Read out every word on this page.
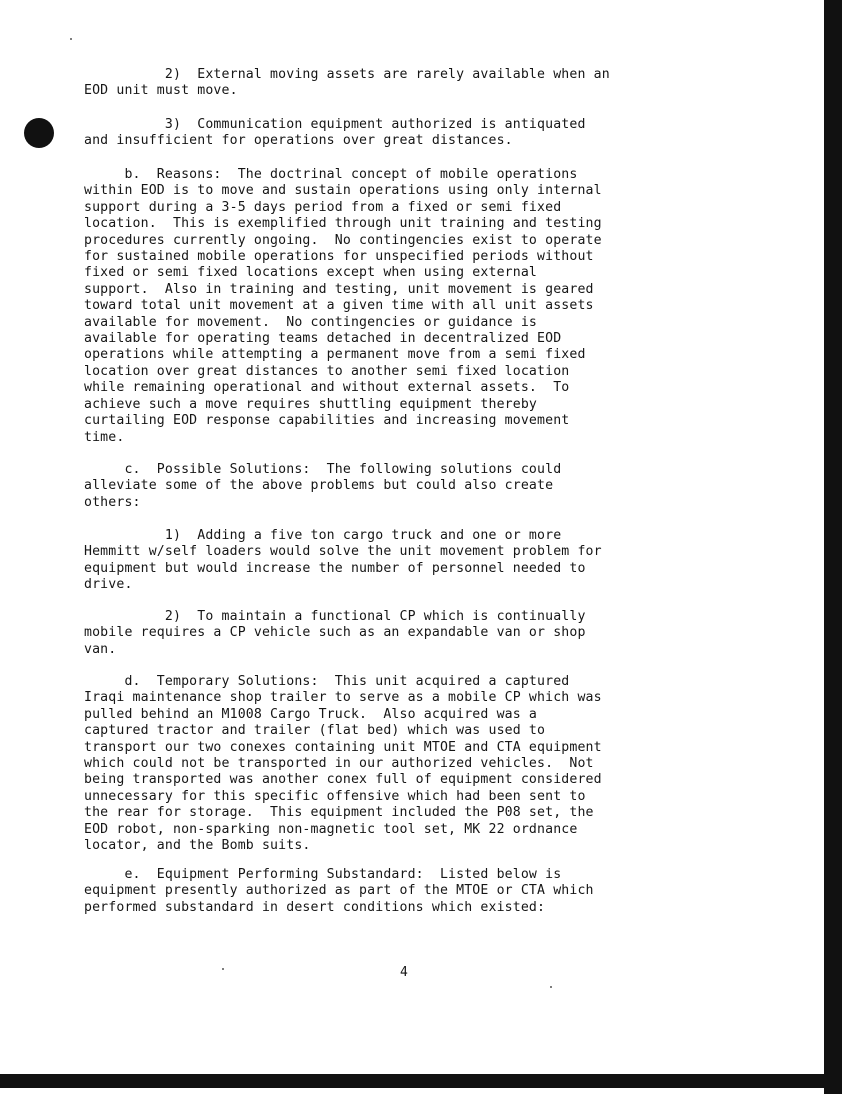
2)  External moving assets are rarely available when an
EOD unit must move.

3)  Communication equipment authorized is antiquated
and insufficient for operations over great distances.

b.  Reasons:  The doctrinal concept of mobile operations
within EOD is to move and sustain operations using only internal
support during a 3-5 days period from a fixed or semi fixed
location.  This is exemplified through unit training and testing
procedures currently ongoing.  No contingencies exist to operate
for sustained mobile operations for unspecified periods without
fixed or semi fixed locations except when using external
support.  Also in training and testing, unit movement is geared
toward total unit movement at a given time with all unit assets
available for movement.  No contingencies or guidance is
available for operating teams detached in decentralized EOD
operations while attempting a permanent move from a semi fixed
location over great distances to another semi fixed location
while remaining operational and without external assets.  To
achieve such a move requires shuttling equipment thereby
curtailing EOD response capabilities and increasing movement
time.

c.  Possible Solutions:  The following solutions could
alleviate some of the above problems but could also create
others:

1)  Adding a five ton cargo truck and one or more
Hemmitt w/self loaders would solve the unit movement problem for
equipment but would increase the number of personnel needed to
drive.

2)  To maintain a functional CP which is continually
mobile requires a CP vehicle such as an expandable van or shop
van.

d.  Temporary Solutions:  This unit acquired a captured
Iraqi maintenance shop trailer to serve as a mobile CP which was
pulled behind an M1008 Cargo Truck.  Also acquired was a
captured tractor and trailer (flat bed) which was used to
transport our two conexes containing unit MTOE and CTA equipment
which could not be transported in our authorized vehicles.  Not
being transported was another conex full of equipment considered
unnecessary for this specific offensive which had been sent to
the rear for storage.  This equipment included the P08 set, the
EOD robot, non-sparking non-magnetic tool set, MK 22 ordnance
locator, and the Bomb suits.

e.  Equipment Performing Substandard:  Listed below is
equipment presently authorized as part of the MTOE or CTA which
performed substandard in desert conditions which existed:

4
